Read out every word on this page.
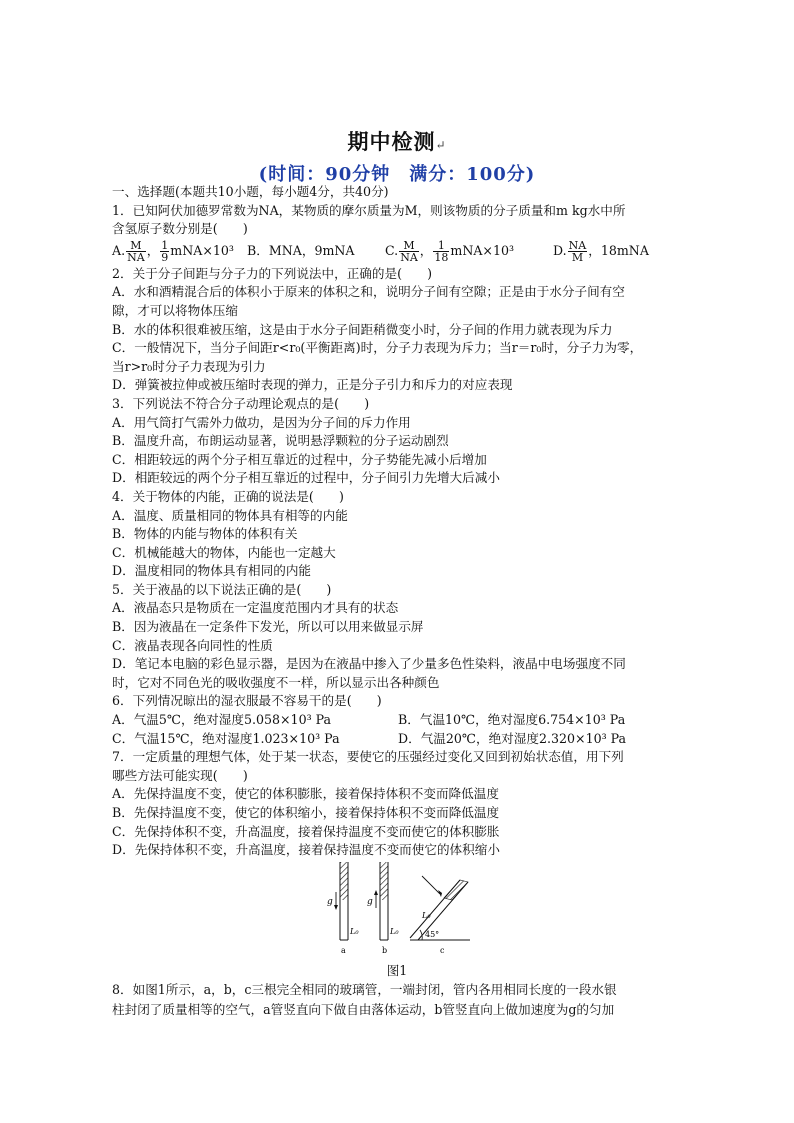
期中检测↵
(时间：90分钟　满分：100分)

一、选择题(本题共10小题，每小题4分，共40分)

1．已知阿伏加德罗常数为NA，某物质的摩尔质量为M，则该物质的分子质量和m kg水中所

含氢原子数分别是(　　)

A. $\frac{M}{NA}$ ， $\frac{1}{9} mNA\times 10^3$	B．MNA，9mNA	C. $\frac{M}{NA}$ ， $\frac{1}{18} mNA\times 10^3$	D. $\frac{NA}{M}$ ，18mNA

2．关于分子间距与分子力的下列说法中，正确的是(　　)

A．水和酒精混合后的体积小于原来的体积之和，说明分子间有空隙；正是由于水分子间有空

隙，才可以将物体压缩

B．水的体积很难被压缩，这是由于水分子间距稍微变小时，分子间的作用力就表现为斥力

C．一般情况下，当分子间距r<r₀(平衡距离)时，分子力表现为斥力；当r＝r₀时，分子力为零，

当r>r₀时分子力表现为引力

D．弹簧被拉伸或被压缩时表现的弹力，正是分子引力和斥力的对应表现

3．下列说法不符合分子动理论观点的是(　　)

A．用气筒打气需外力做功，是因为分子间的斥力作用

B．温度升高，布朗运动显著，说明悬浮颗粒的分子运动剧烈

C．相距较远的两个分子相互靠近的过程中，分子势能先减小后增加

D．相距较远的两个分子相互靠近的过程中，分子间引力先增大后减小

4．关于物体的内能，正确的说法是(　　)

A．温度、质量相同的物体具有相等的内能

B．物体的内能与物体的体积有关

C．机械能越大的物体，内能也一定越大

D．温度相同的物体具有相同的内能

5．关于液晶的以下说法正确的是(　　)

A．液晶态只是物质在一定温度范围内才具有的状态

B．因为液晶在一定条件下发光，所以可以用来做显示屏

C．液晶表现各向同性的性质

D．笔记本电脑的彩色显示器，是因为在液晶中掺入了少量多色性染料，液晶中电场强度不同

时，它对不同色光的吸收强度不一样，所以显示出各种颜色

6．下列情况晾出的湿衣服最不容易干的是(　　)

A．气温5℃，绝对湿度5.058×10³ Pa	B．气温10℃，绝对湿度6.754×10³ Pa

C．气温15℃，绝对湿度1.023×10³ Pa	D．气温20℃，绝对湿度2.320×10³ Pa

7．一定质量的理想气体，处于某一状态，要使它的压强经过变化又回到初始状态值，用下列

哪些方法可能实现(　　)

A．先保持温度不变，使它的体积膨胀，接着保持体积不变而降低温度

B．先保持温度不变，使它的体积缩小，接着保持体积不变而降低温度

C．先保持体积不变，升高温度，接着保持温度不变而使它的体积膨胀

D．先保持体积不变，升高温度，接着保持温度不变而使它的体积缩小

g
L₀
a
g
L₀
b
L₀
45°
c
图1

8．如图1所示，a，b，c三根完全相同的玻璃管，一端封闭，管内各用相同长度的一段水银

柱封闭了质量相等的空气，a管竖直向下做自由落体运动，b管竖直向上做加速度为g的匀加
